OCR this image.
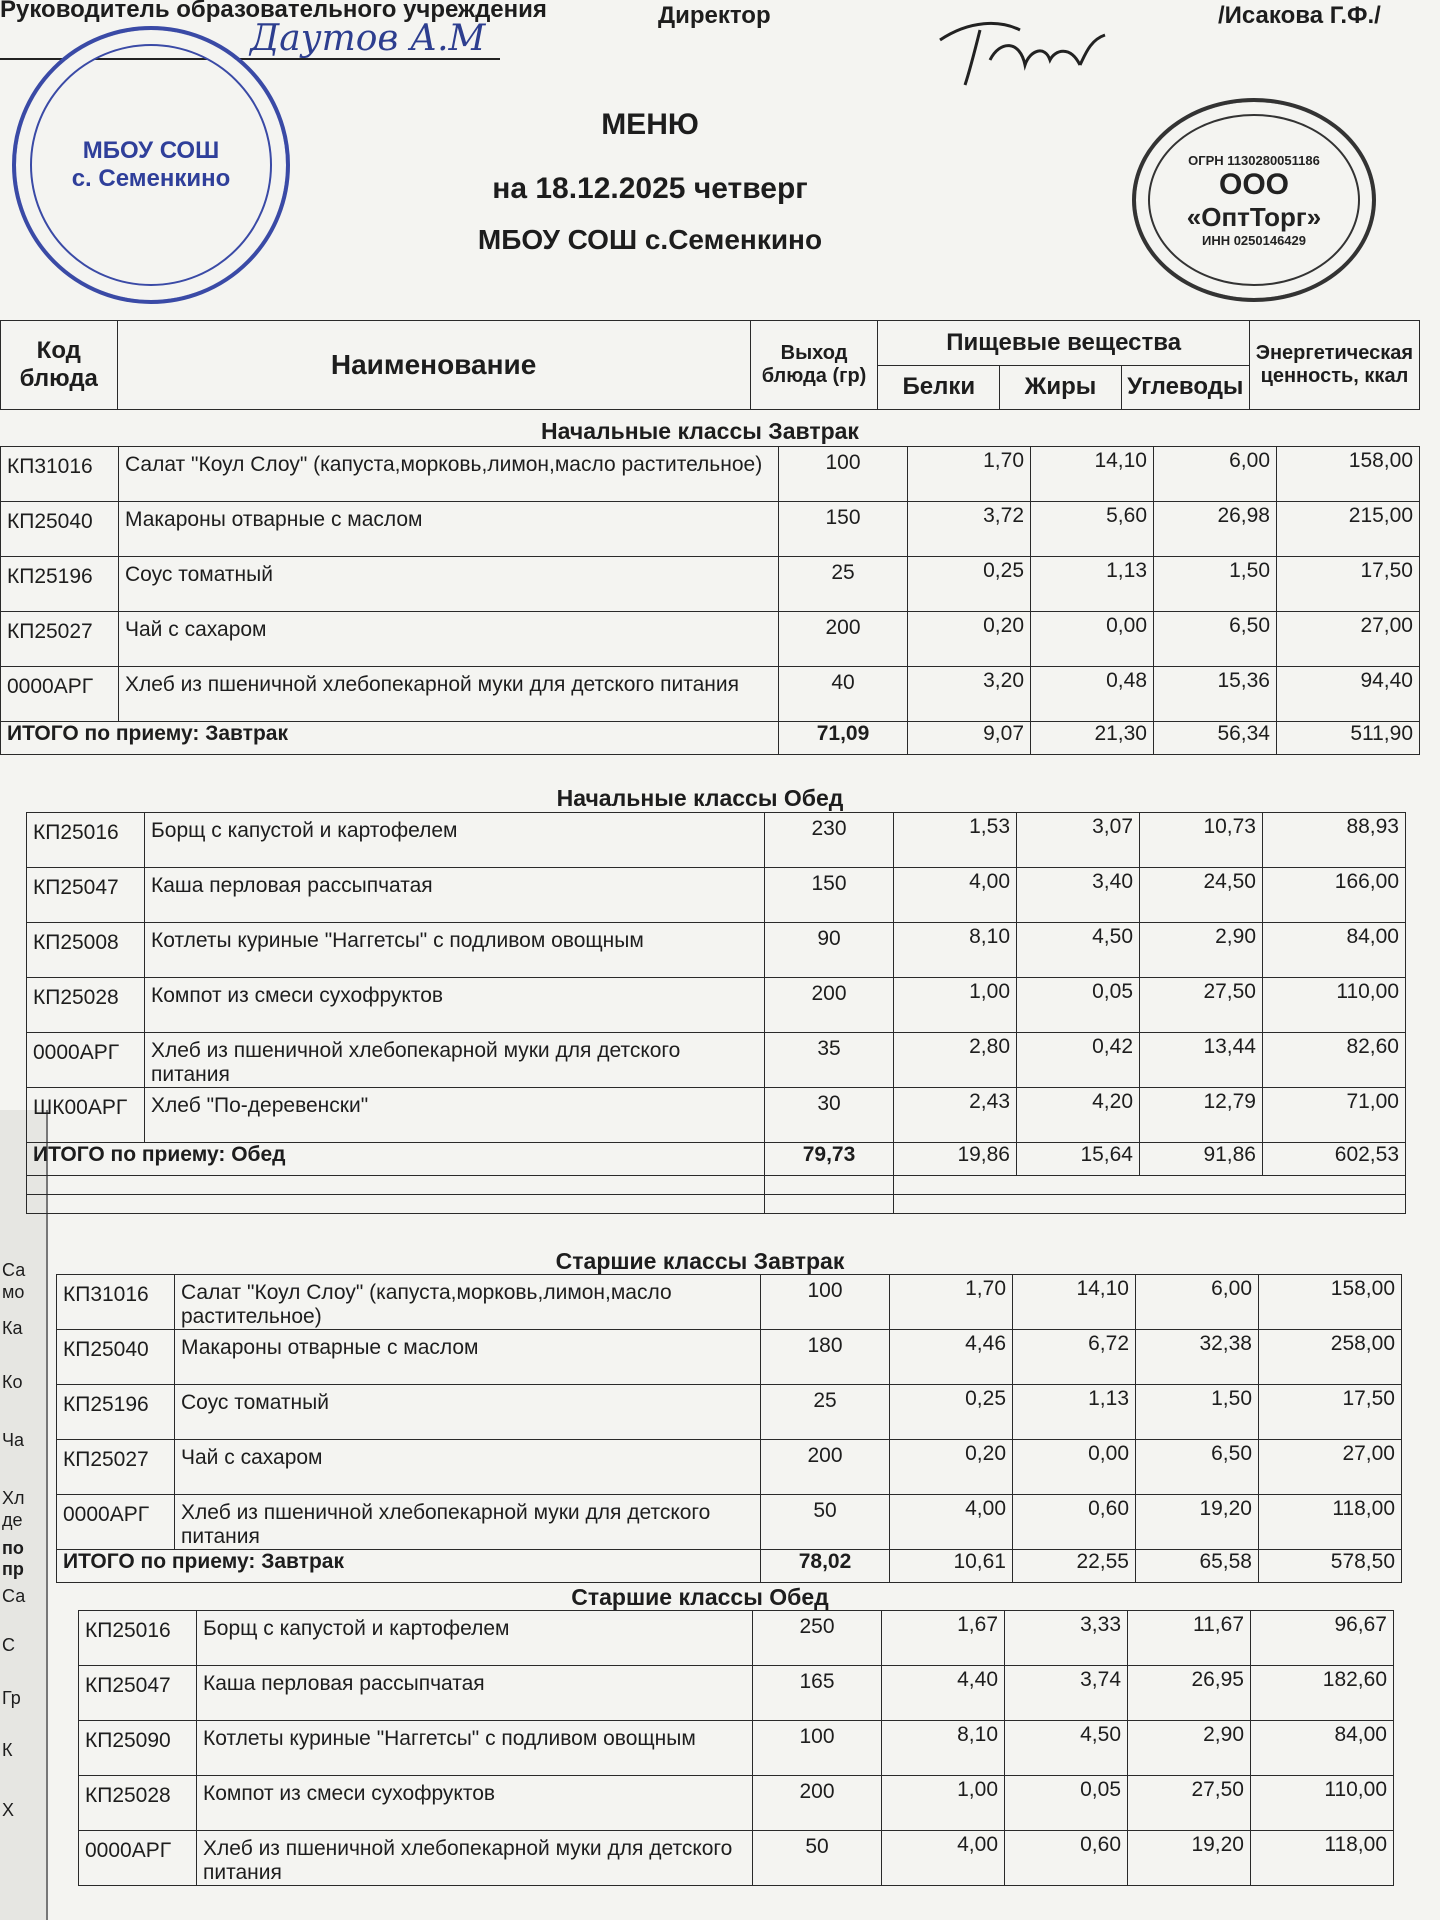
Са
мо
Ка
Ко
Ча
Хл
де
по пр
Са
С
Гр
К
Х
Руководитель образовательного учреждения
Даутов А.М
Директор	/Исакова Г.Ф./
МБОУ СОШ
с. Семенкино
ОГРН 1130280051186
ООО
«ОптТорг»
ИНН 0250146429
МЕНЮ
на 18.12.2025 четверг
МБОУ СОШ с.Семенкино
Код блюда	Наименование	Выход блюда (гр)	Пищевые вещества			Энергетическая ценность, ккал
			Белки	Жиры	Углеводы	
Начальные классы Завтрак
КП31016	Салат "Коул Слоу" (капуста,морковь,лимон,масло растительное)	100	1,70	14,10	6,00	158,00
КП25040	Макароны отварные с маслом	150	3,72	5,60	26,98	215,00
КП25196	Соус томатный	25	0,25	1,13	1,50	17,50
КП25027	Чай с сахаром	200	0,20	0,00	6,50	27,00
0000АРГ	Хлеб из пшеничной хлебопекарной муки для детского питания	40	3,20	0,48	15,36	94,40
ИТОГО по приему: Завтрак		71,09	9,07	21,30	56,34	511,90
Начальные классы Обед
КП25016	Борщ с капустой и картофелем	230	1,53	3,07	10,73	88,93
КП25047	Каша перловая рассыпчатая	150	4,00	3,40	24,50	166,00
КП25008	Котлеты куриные "Наггетсы" с подливом овощным	90	8,10	4,50	2,90	84,00
КП25028	Компот из смеси сухофруктов	200	1,00	0,05	27,50	110,00
0000АРГ	Хлеб из пшеничной хлебопекарной муки для детского питания	35	2,80	0,42	13,44	82,60
ШК00АРГ	Хлеб "По-деревенски"	30	2,43	4,20	12,79	71,00
ИТОГО по приему: Обед		79,73	19,86	15,64	91,86	602,53

Старшие классы Завтрак
КП31016	Салат "Коул Слоу" (капуста,морковь,лимон,масло растительное)	100	1,70	14,10	6,00	158,00
КП25040	Макароны отварные с маслом	180	4,46	6,72	32,38	258,00
КП25196	Соус томатный	25	0,25	1,13	1,50	17,50
КП25027	Чай с сахаром	200	0,20	0,00	6,50	27,00
0000АРГ	Хлеб из пшеничной хлебопекарной муки для детского питания	50	4,00	0,60	19,20	118,00
ИТОГО по приему: Завтрак		78,02	10,61	22,55	65,58	578,50
Старшие классы Обед
КП25016	Борщ с капустой и картофелем	250	1,67	3,33	11,67	96,67
КП25047	Каша перловая рассыпчатая	165	4,40	3,74	26,95	182,60
КП25090	Котлеты куриные "Наггетсы" с подливом овощным	100	8,10	4,50	2,90	84,00
КП25028	Компот из смеси сухофруктов	200	1,00	0,05	27,50	110,00
0000АРГ	Хлеб из пшеничной хлебопекарной муки для детского питания	50	4,00	0,60	19,20	118,00
